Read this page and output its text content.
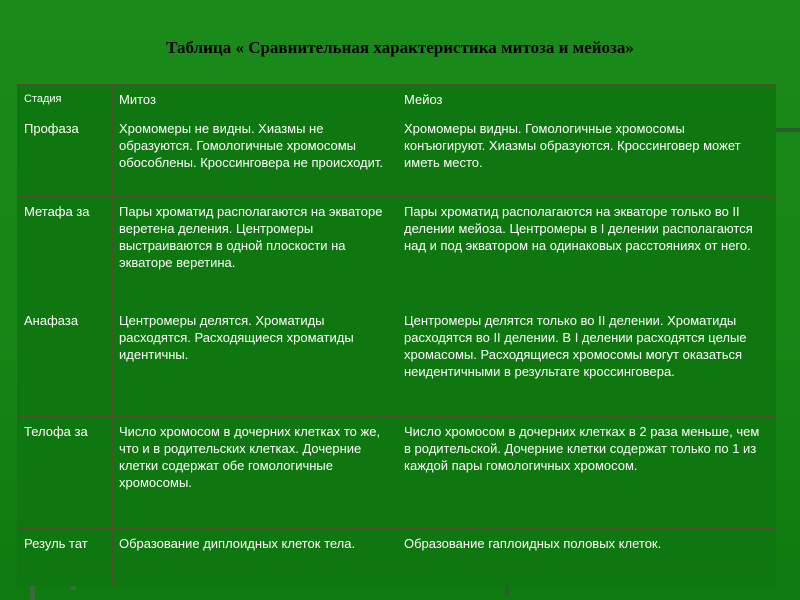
Таблица « Сравнительная характеристика митоза и мейоза»
Стадия	Митоз	Мейоз
Профаза	Хромомеры не видны. Хиазмы не образуются. Гомологичные хромосомы обособлены. Кроссинговера не происходит.	Хромомеры видны. Гомологичные хромосомы конъюгируют. Хиазмы образуются. Кроссинговер может иметь место.
Метафа за	Пары хроматид располагаются на экваторе веретена деления. Центромеры выстраиваются в одной плоскости на экваторе веретина.	Пары хроматид располагаются на экваторе только во II делении мейоза. Центромеры в I делении располагаются над и под экватором на одинаковых расстояниях от него.
Анафаза	Центромеры делятся. Хроматиды расходятся. Расходящиеся хроматиды идентичны.	Центромеры делятся только во II делении. Хроматиды расходятся во II делении. В I делении расходятся целые хромасомы. Расходящиеся хромосомы могут оказаться неидентичными в результате кроссинговера.
Телофа за	Число хромосом в дочерних клетках то же, что и в родительских клетках. Дочерние клетки содержат обе гомологичные хромосомы.	Число хромосом в дочерних клетках в 2 раза меньше, чем в родительской. Дочерние клетки содержат только по 1 из каждой пары гомологичных хромосом.
Резуль тат	Образование диплоидных клеток тела.	Образование гаплоидных половых клеток.
